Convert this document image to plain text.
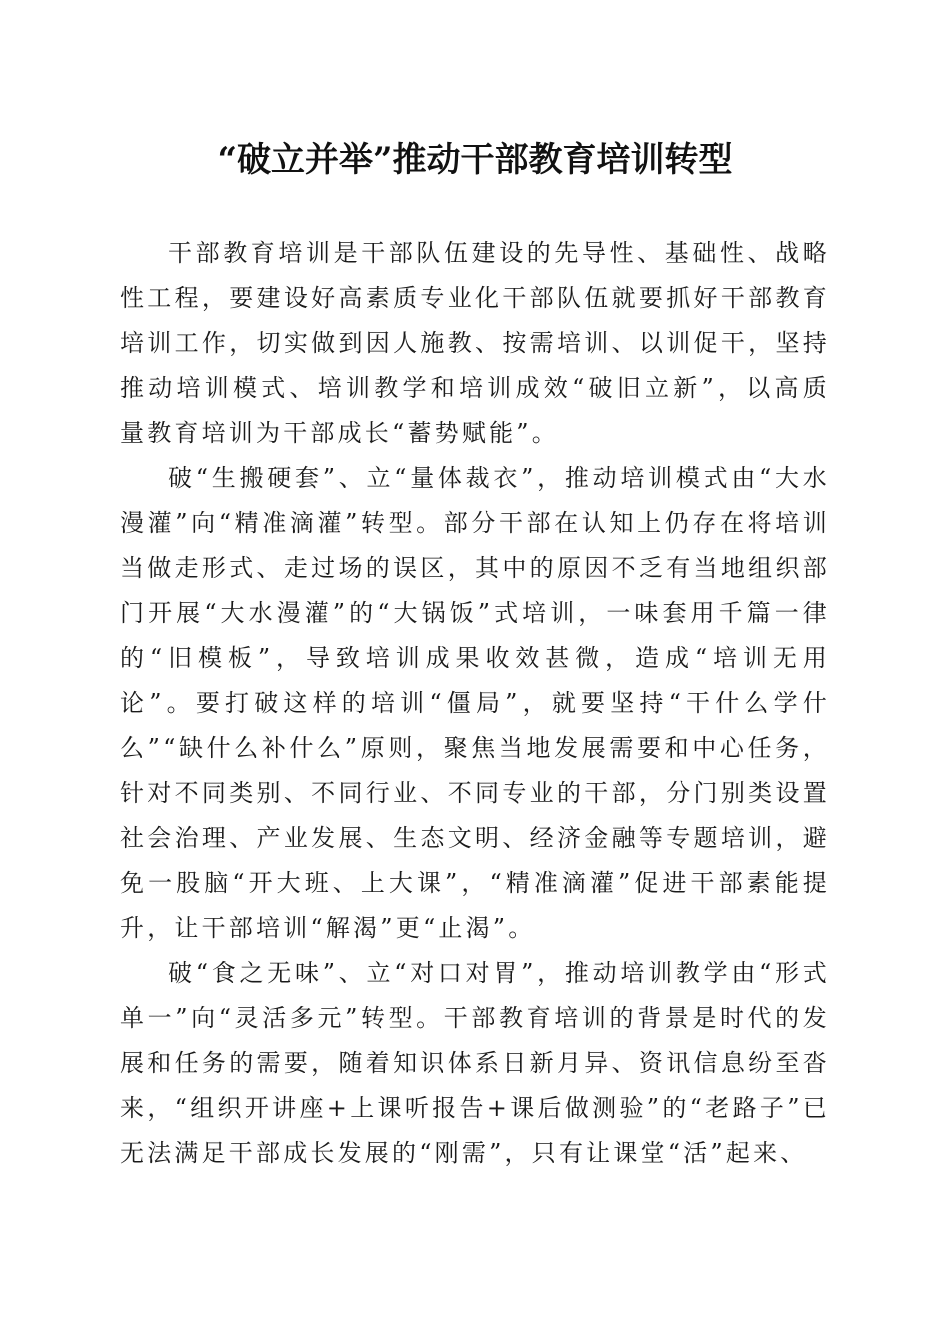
“破立并举”推动干部教育培训转型

干部教育培训是干部队伍建设的先导性、基础性、战略性工程，要建设好高素质专业化干部队伍就要抓好干部教育培训工作，切实做到因人施教、按需培训、以训促干，坚持推动培训模式、培训教学和培训成效“破旧立新”，以高质量教育培训为干部成长“蓄势赋能”。

破“生搬硬套”、立“量体裁衣”，推动培训模式由“大水漫灌”向“精准滴灌”转型。部分干部在认知上仍存在将培训当做走形式、走过场的误区，其中的原因不乏有当地组织部门开展“大水漫灌”的“大锅饭”式培训，一味套用千篇一律的“旧模板”，导致培训成果收效甚微，造成“培训无用论”。要打破这样的培训“僵局”，就要坚持“干什么学什么”“缺什么补什么”原则，聚焦当地发展需要和中心任务，针对不同类别、不同行业、不同专业的干部，分门别类设置社会治理、产业发展、生态文明、经济金融等专题培训，避免一股脑“开大班、上大课”，“精准滴灌”促进干部素能提升，让干部培训“解渴”更“止渴”。

破“食之无味”、立“对口对胃”，推动培训教学由“形式单一”向“灵活多元”转型。干部教育培训的背景是时代的发展和任务的需要，随着知识体系日新月异、资讯信息纷至沓来，“组织开讲座+上课听报告+课后做测验”的“老路子”已无法满足干部成长发展的“刚需”，只有让课堂“活”起来、
